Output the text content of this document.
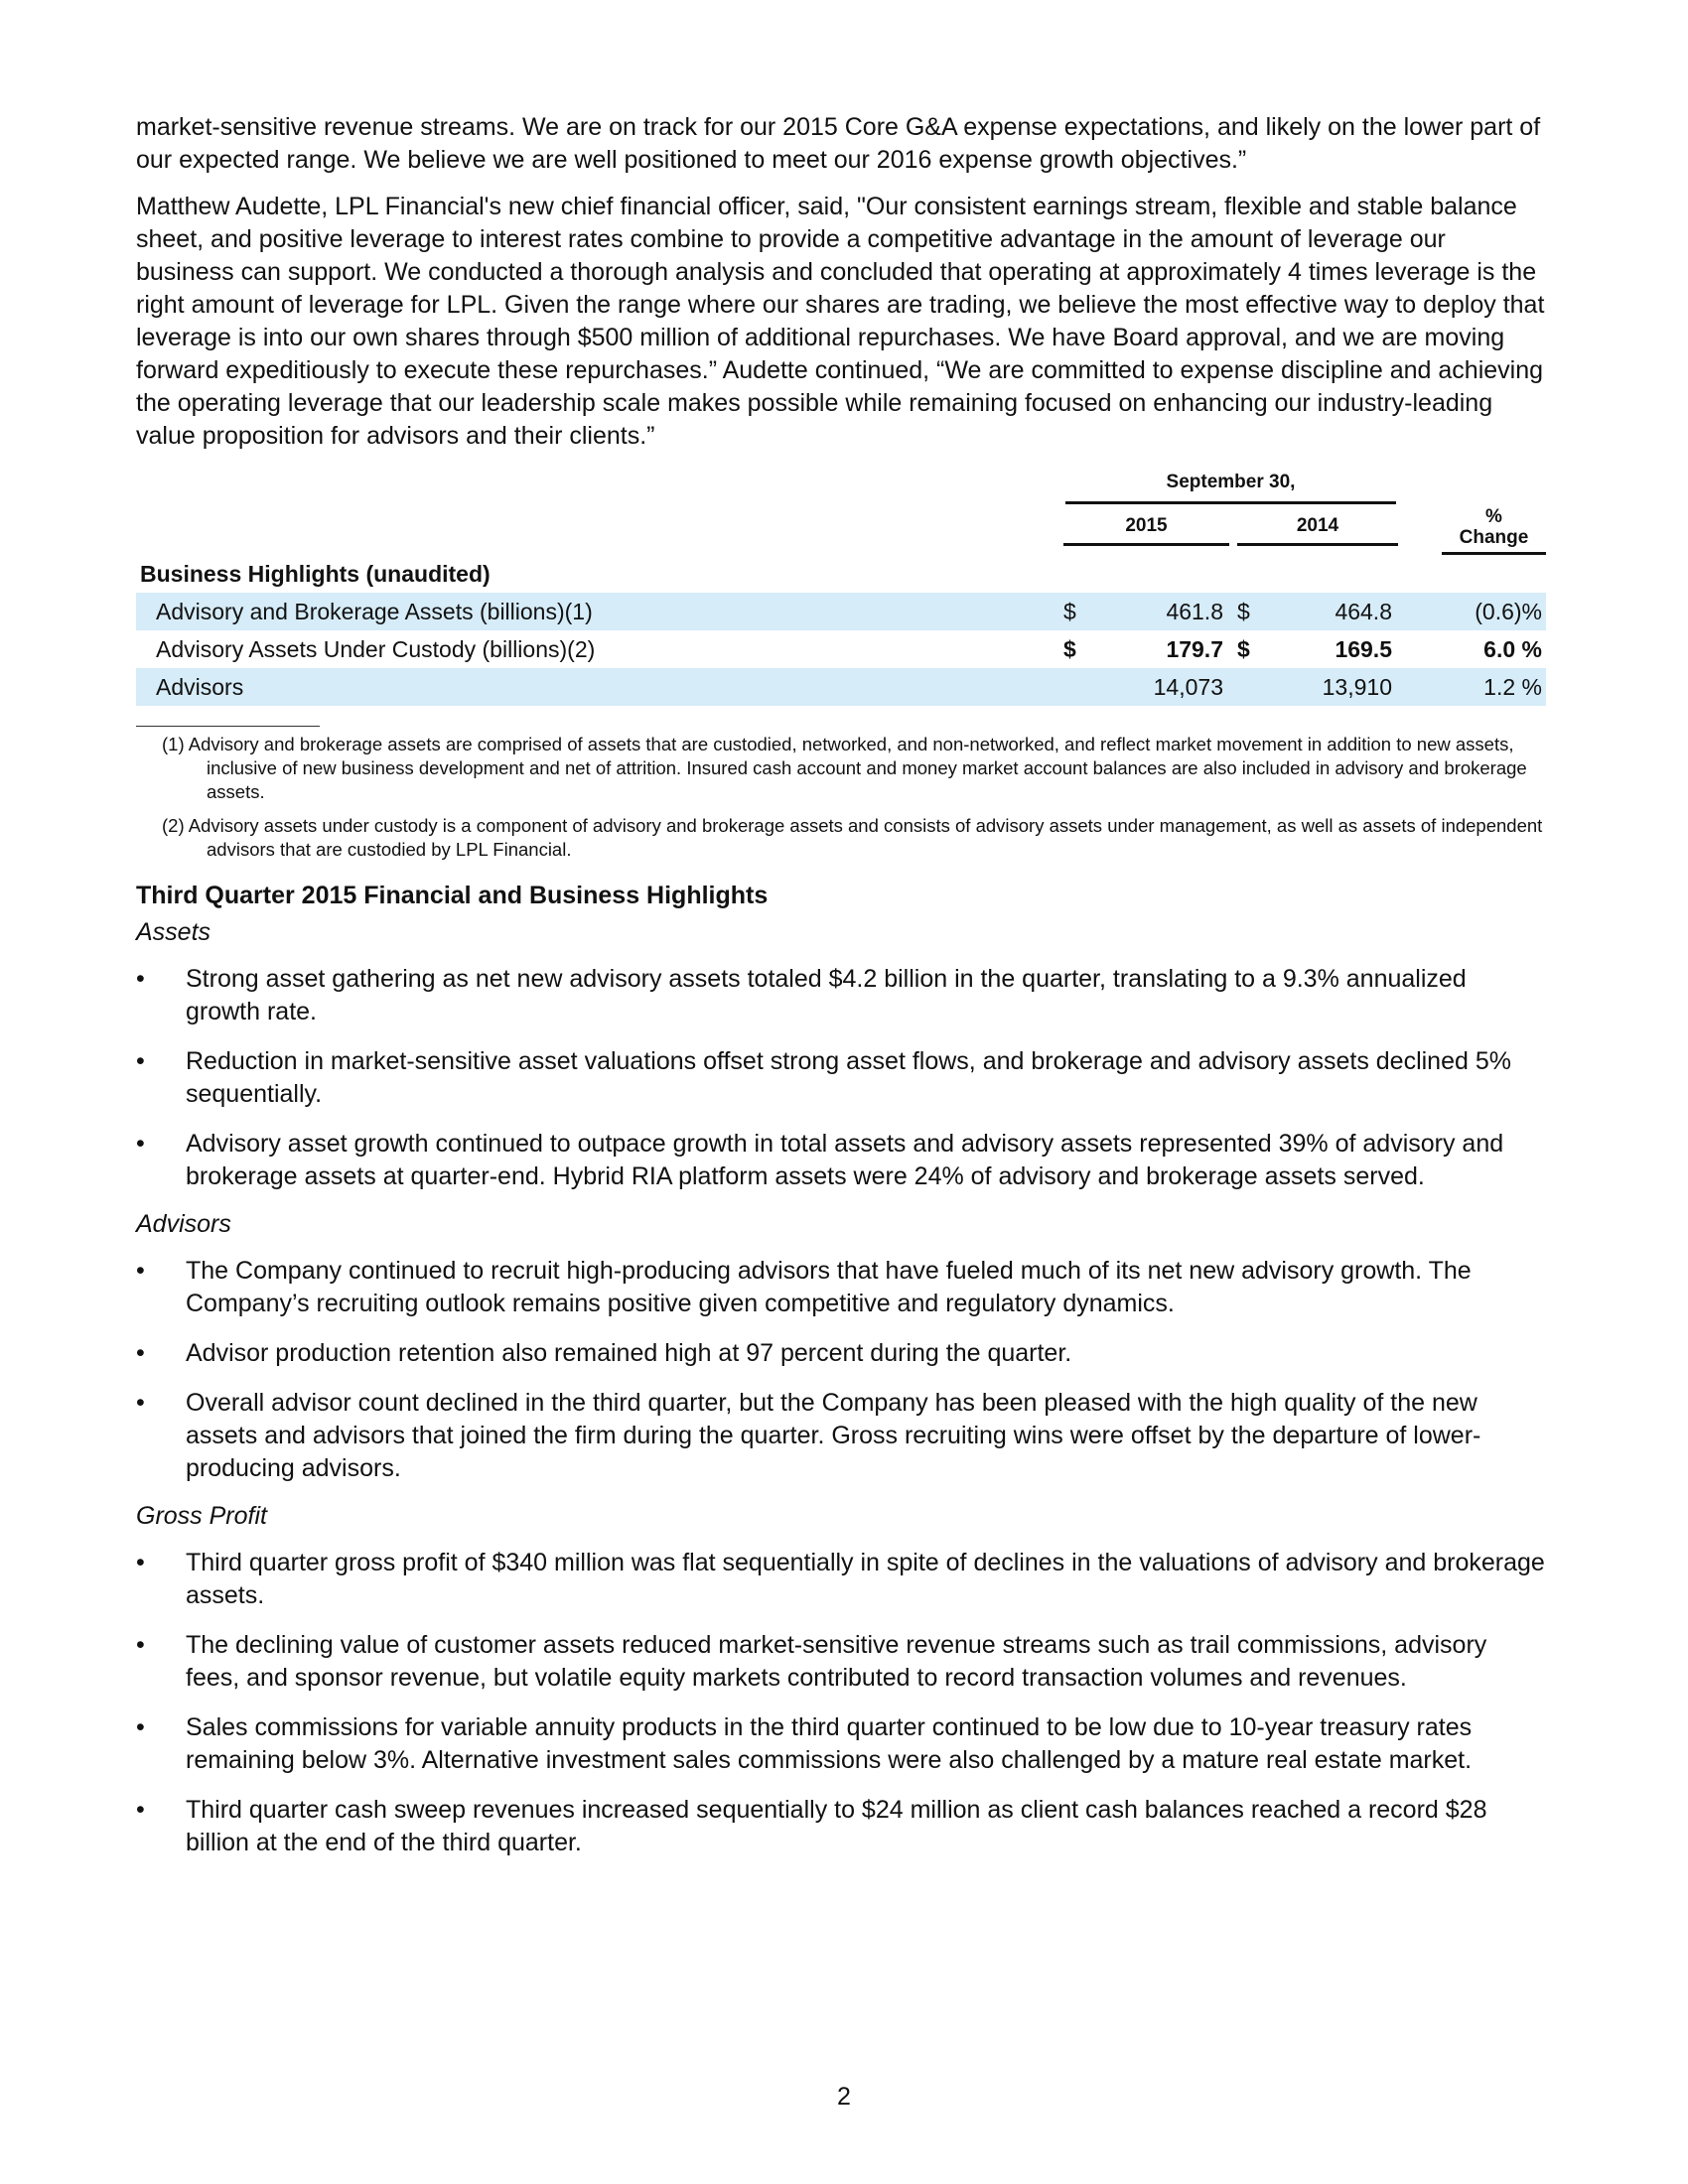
market-sensitive revenue streams. We are on track for our 2015 Core G&A expense expectations, and likely on the lower part of our expected range. We believe we are well positioned to meet our 2016 expense growth objectives.”

Matthew Audette, LPL Financial's new chief financial officer, said, "Our consistent earnings stream, flexible and stable balance sheet, and positive leverage to interest rates combine to provide a competitive advantage in the amount of leverage our business can support. We conducted a thorough analysis and concluded that operating at approximately 4 times leverage is the right amount of leverage for LPL. Given the range where our shares are trading, we believe the most effective way to deploy that leverage is into our own shares through $500 million of additional repurchases. We have Board approval, and we are moving forward expeditiously to execute these repurchases.” Audette continued, “We are committed to expense discipline and achieving the operating leverage that our leadership scale makes possible while remaining focused on enhancing our industry-leading value proposition for advisors and their clients.”

	September 30,					

	2015		2014			%
Change

Business Highlights (unaudited)						
Advisory and Brokerage Assets (billions)(1)	$	461.8	$	464.8		(0.6)%
Advisory Assets Under Custody (billions)(2)	$	179.7	$	169.5		6.0 %
Advisors		14,073		13,910		1.2 %

(1) Advisory and brokerage assets are comprised of assets that are custodied, networked, and non-networked, and reflect market movement in addition to new assets, inclusive of new business development and net of attrition. Insured cash account and money market account balances are also included in advisory and brokerage assets.

(2) Advisory assets under custody is a component of advisory and brokerage assets and consists of advisory assets under management, as well as assets of independent advisors that are custodied by LPL Financial.

Third Quarter 2015 Financial and Business Highlights
Assets
•	Strong asset gathering as net new advisory assets totaled $4.2 billion in the quarter, translating to a 9.3% annualized growth rate.
•	Reduction in market-sensitive asset valuations offset strong asset flows, and brokerage and advisory assets declined 5% sequentially.
•	Advisory asset growth continued to outpace growth in total assets and advisory assets represented 39% of advisory and brokerage assets at quarter-end. Hybrid RIA platform assets were 24% of advisory and brokerage assets served.
Advisors
•	The Company continued to recruit high-producing advisors that have fueled much of its net new advisory growth. The Company’s recruiting outlook remains positive given competitive and regulatory dynamics.
•	Advisor production retention also remained high at 97 percent during the quarter.
•	Overall advisor count declined in the third quarter, but the Company has been pleased with the high quality of the new assets and advisors that joined the firm during the quarter. Gross recruiting wins were offset by the departure of lower-producing advisors.
Gross Profit
•	Third quarter gross profit of $340 million was flat sequentially in spite of declines in the valuations of advisory and brokerage assets.
•	The declining value of customer assets reduced market-sensitive revenue streams such as trail commissions, advisory fees, and sponsor revenue, but volatile equity markets contributed to record transaction volumes and revenues.
•	Sales commissions for variable annuity products in the third quarter continued to be low due to 10-year treasury rates remaining below 3%. Alternative investment sales commissions were also challenged by a mature real estate market.
•	Third quarter cash sweep revenues increased sequentially to $24 million as client cash balances reached a record $28 billion at the end of the third quarter.
2
